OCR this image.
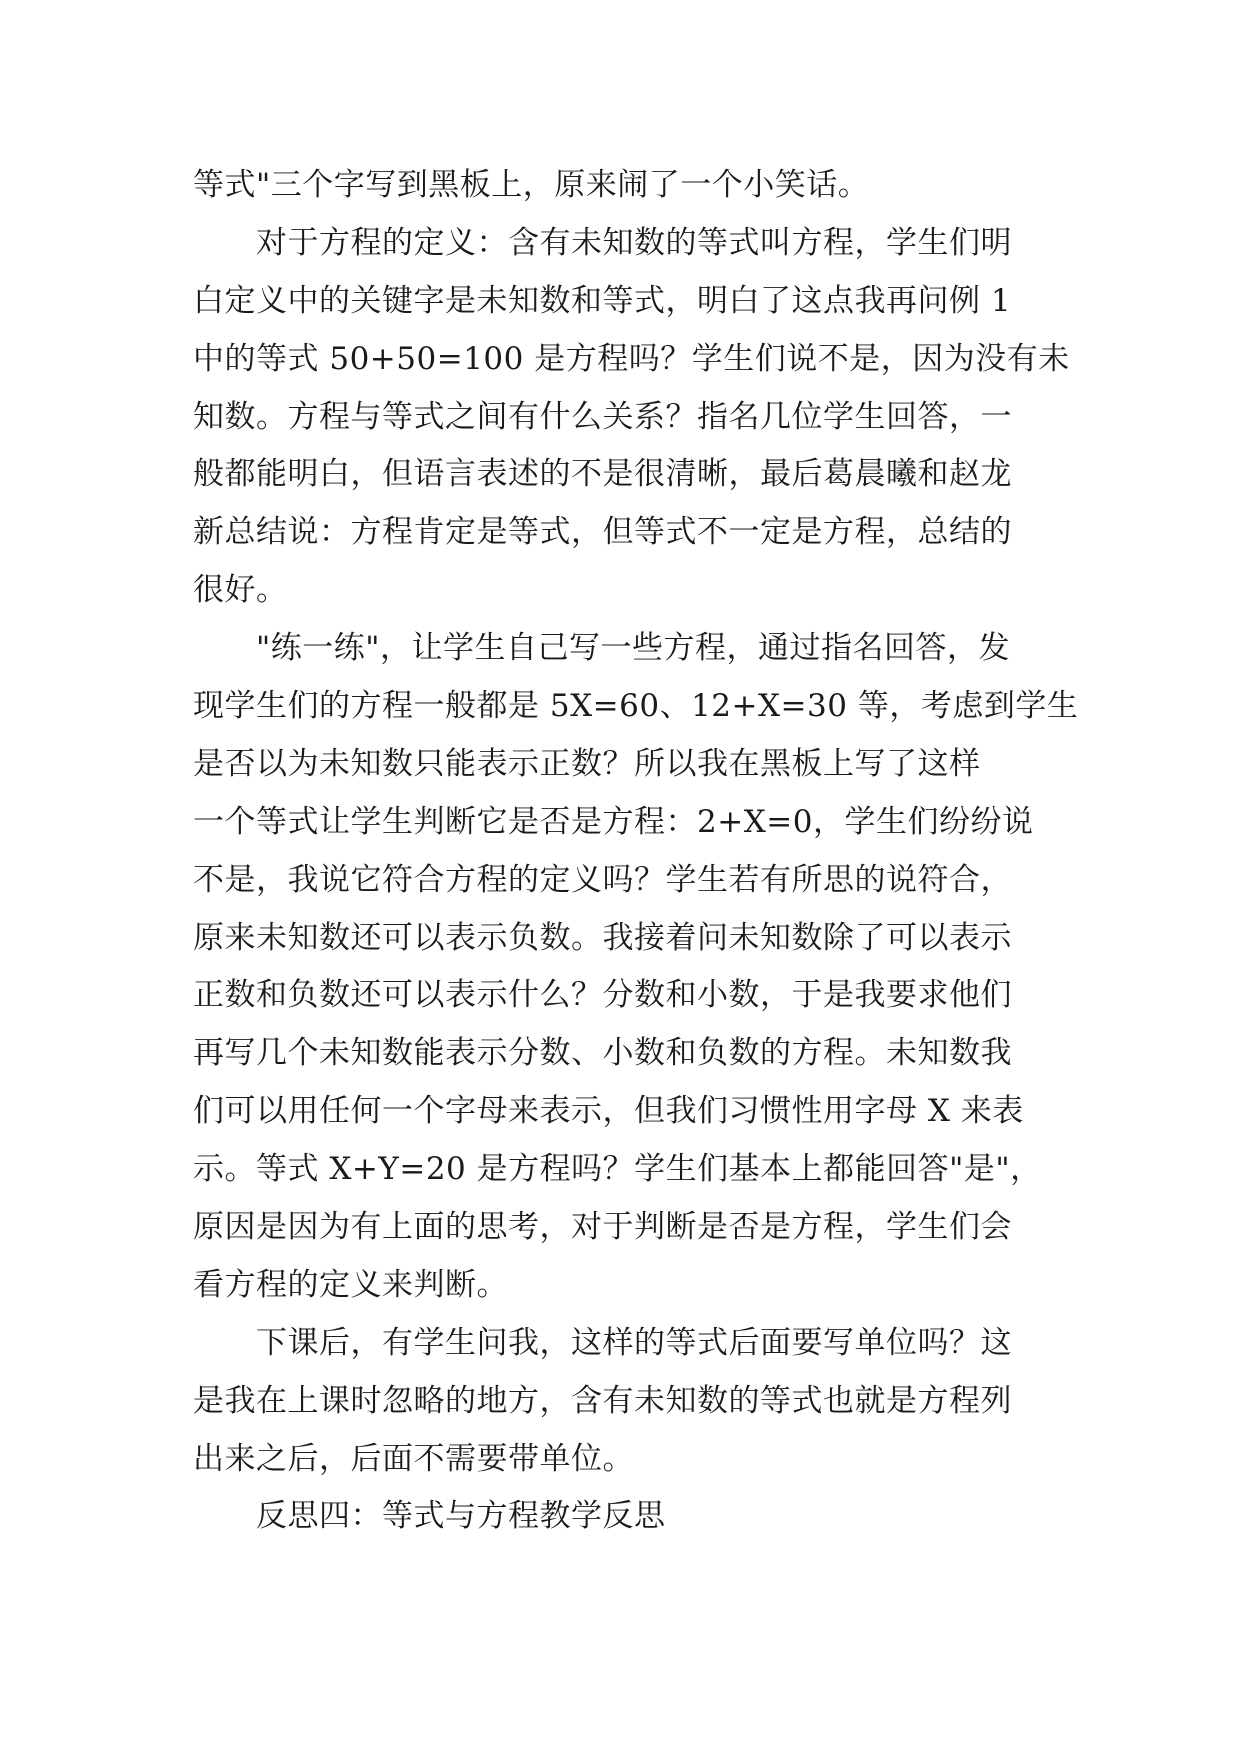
等式"三个字写到黑板上，原来闹了一个小笑话。
对于方程的定义：含有未知数的等式叫方程，学生们明
白定义中的关键字是未知数和等式，明白了这点我再问例 1
中的等式 50+50=100 是方程吗？学生们说不是，因为没有未
知数。方程与等式之间有什么关系？指名几位学生回答，一
般都能明白，但语言表述的不是很清晰，最后葛晨曦和赵龙
新总结说：方程肯定是等式，但等式不一定是方程，总结的
很好。
"练一练"，让学生自己写一些方程，通过指名回答，发
现学生们的方程一般都是 5X=60、12+X=30 等，考虑到学生
是否以为未知数只能表示正数？所以我在黑板上写了这样
一个等式让学生判断它是否是方程：2+X=0，学生们纷纷说
不是，我说它符合方程的定义吗？学生若有所思的说符合，
原来未知数还可以表示负数。我接着问未知数除了可以表示
正数和负数还可以表示什么？分数和小数，于是我要求他们
再写几个未知数能表示分数、小数和负数的方程。未知数我
们可以用任何一个字母来表示，但我们习惯性用字母 X 来表
示。等式 X+Y=20 是方程吗？学生们基本上都能回答"是"，
原因是因为有上面的思考，对于判断是否是方程，学生们会
看方程的定义来判断。
下课后，有学生问我，这样的等式后面要写单位吗？这
是我在上课时忽略的地方，含有未知数的等式也就是方程列
出来之后，后面不需要带单位。
反思四：等式与方程教学反思
